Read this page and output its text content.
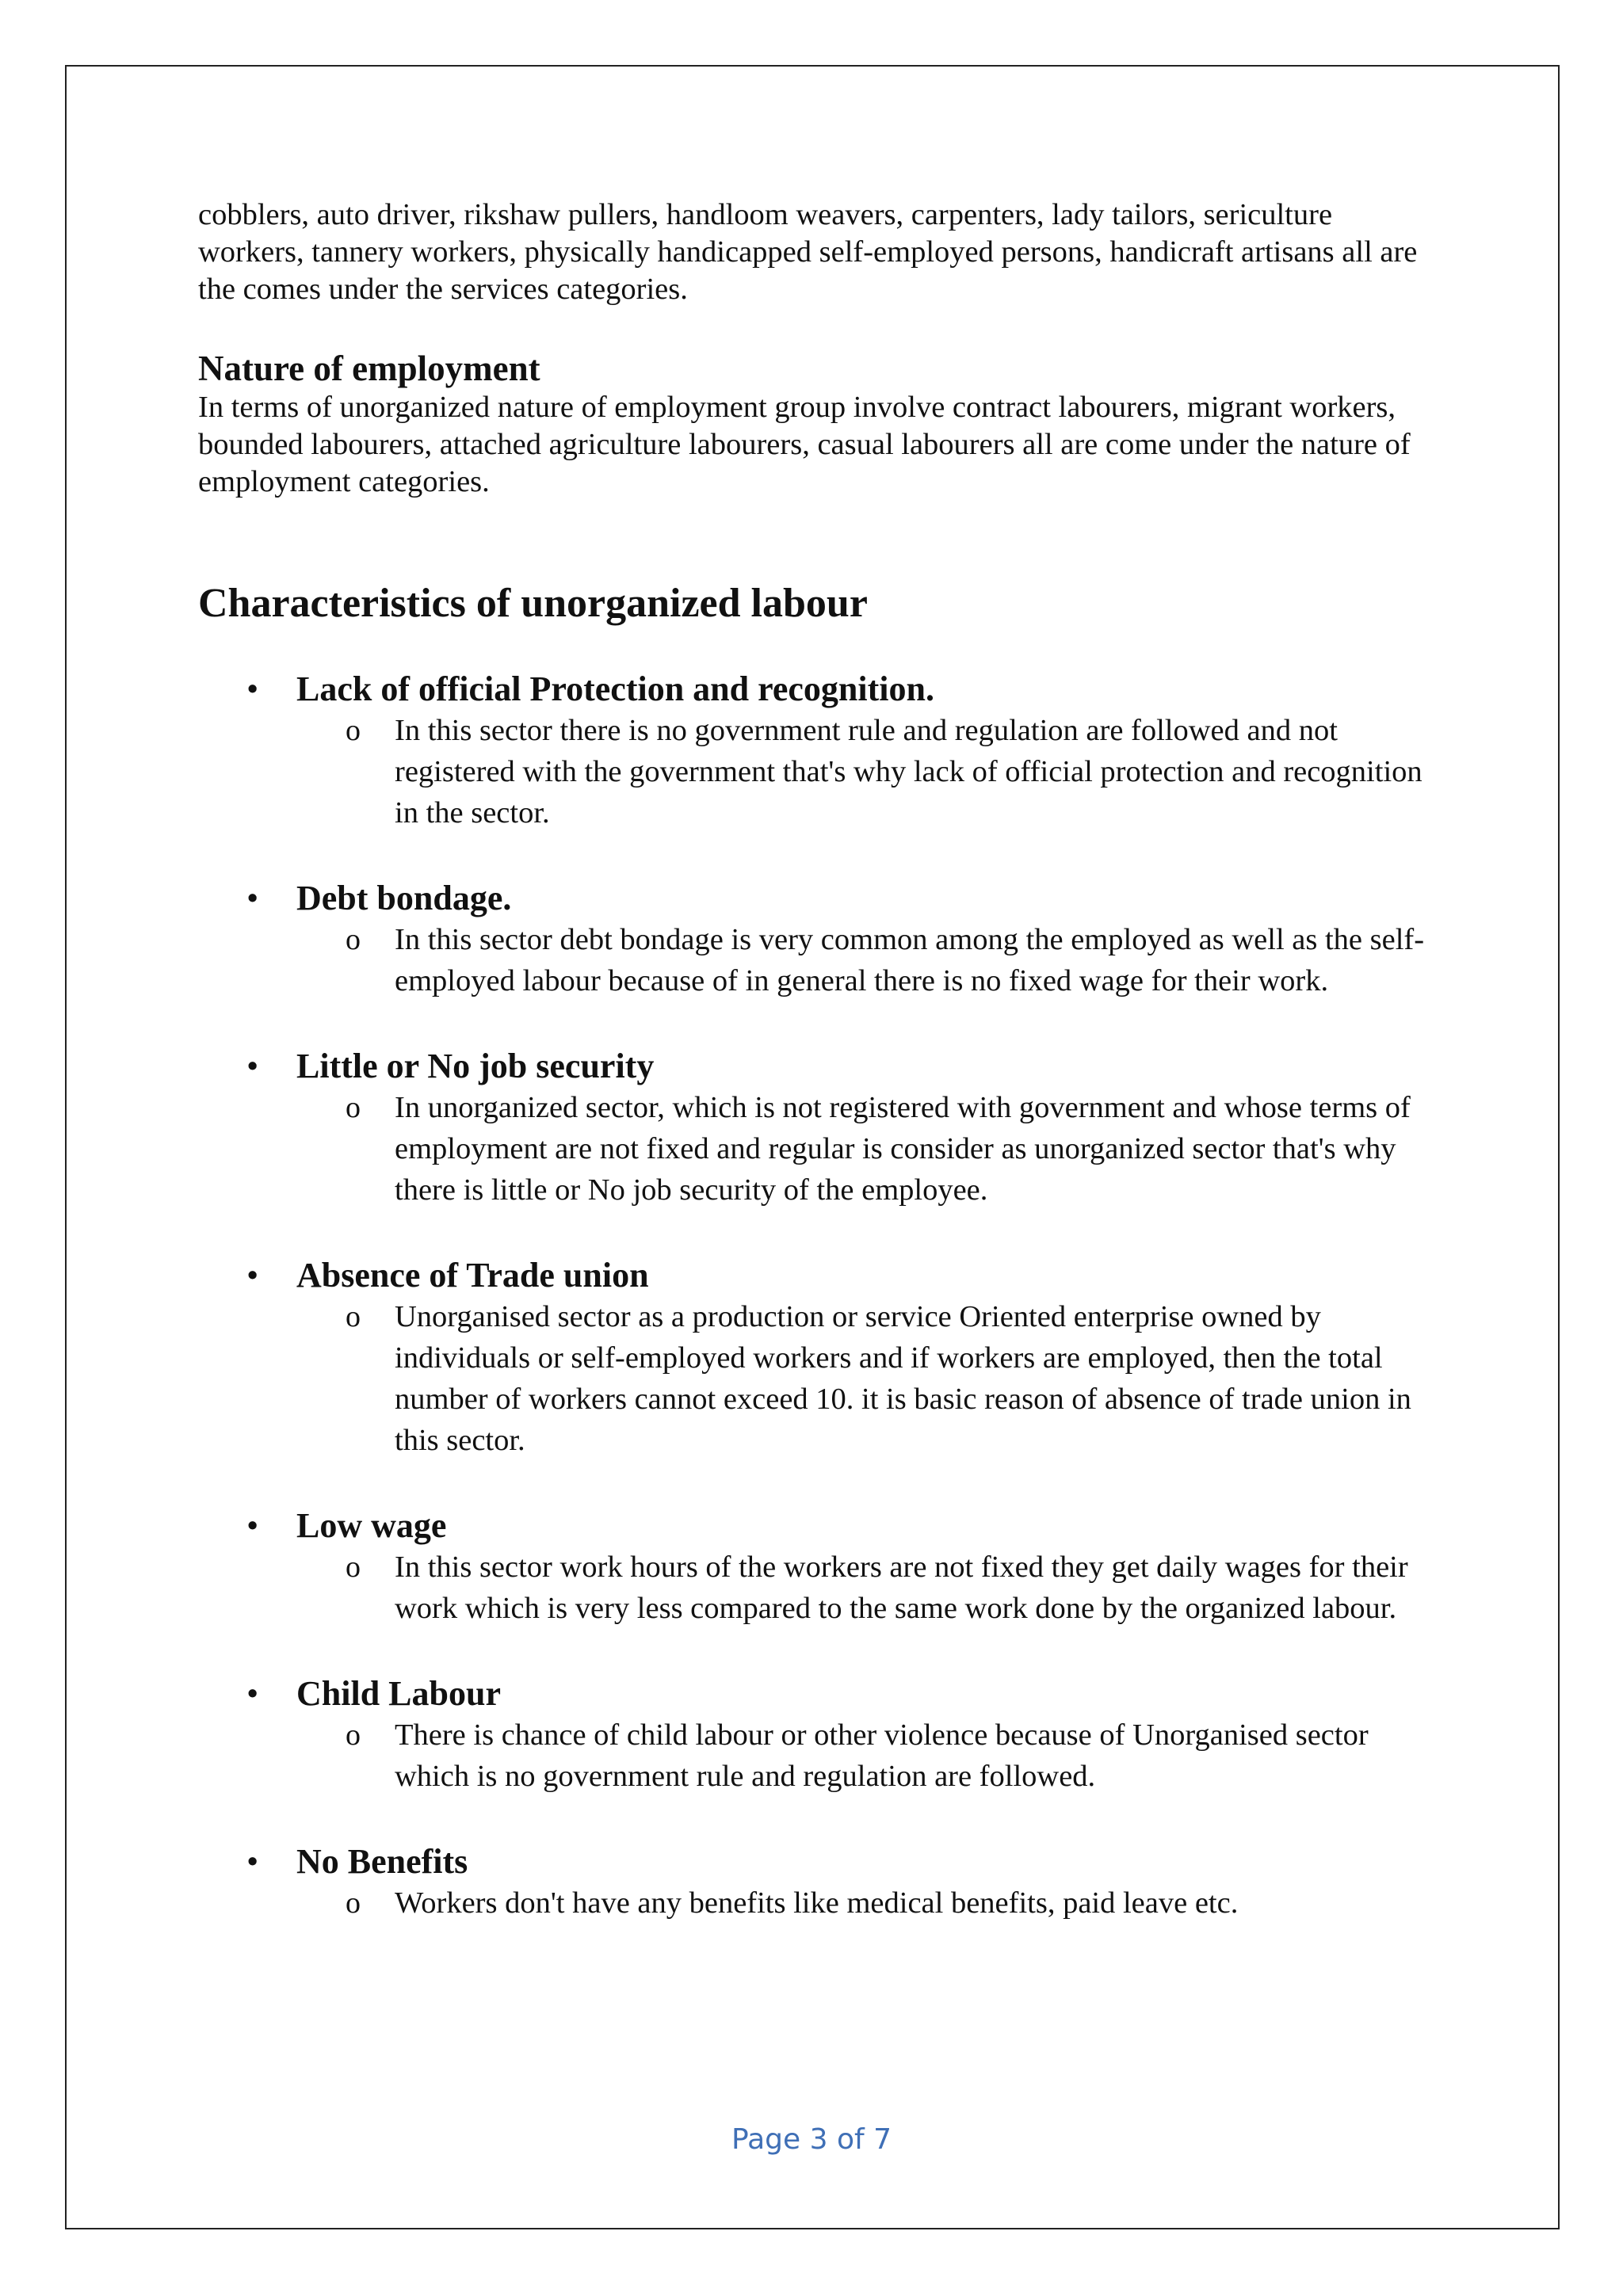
cobblers, auto driver, rikshaw pullers, handloom weavers, carpenters, lady tailors, sericulture workers, tannery workers, physically handicapped self-employed persons, handicraft artisans all are the comes under the services categories.

Nature of employment

In terms of unorganized nature of employment group involve contract labourers, migrant workers, bounded labourers, attached agriculture labourers, casual labourers all are come under the nature of employment categories.

Characteristics of unorganized labour

• Lack of official Protection and recognition.
o In this sector there is no government rule and regulation are followed and not registered with the government that's why lack of official protection and recognition in the sector.
• Debt bondage.
o In this sector debt bondage is very common among the employed as well as the self-employed labour because of in general there is no fixed wage for their work.
• Little or No job security
o In unorganized sector, which is not registered with government and whose terms of employment are not fixed and regular is consider as unorganized sector that's why there is little or No job security of the employee.
• Absence of Trade union
o Unorganised sector as a production or service Oriented enterprise owned by individuals or self-employed workers and if workers are employed, then the total number of workers cannot exceed 10. it is basic reason of absence of trade union in this sector.
• Low wage
o In this sector work hours of the workers are not fixed they get daily wages for their work which is very less compared to the same work done by the organized labour.
• Child Labour
o There is chance of child labour or other violence because of Unorganised sector which is no government rule and regulation are followed.
• No Benefits
o Workers don't have any benefits like medical benefits, paid leave etc.
Page 3 of 7
